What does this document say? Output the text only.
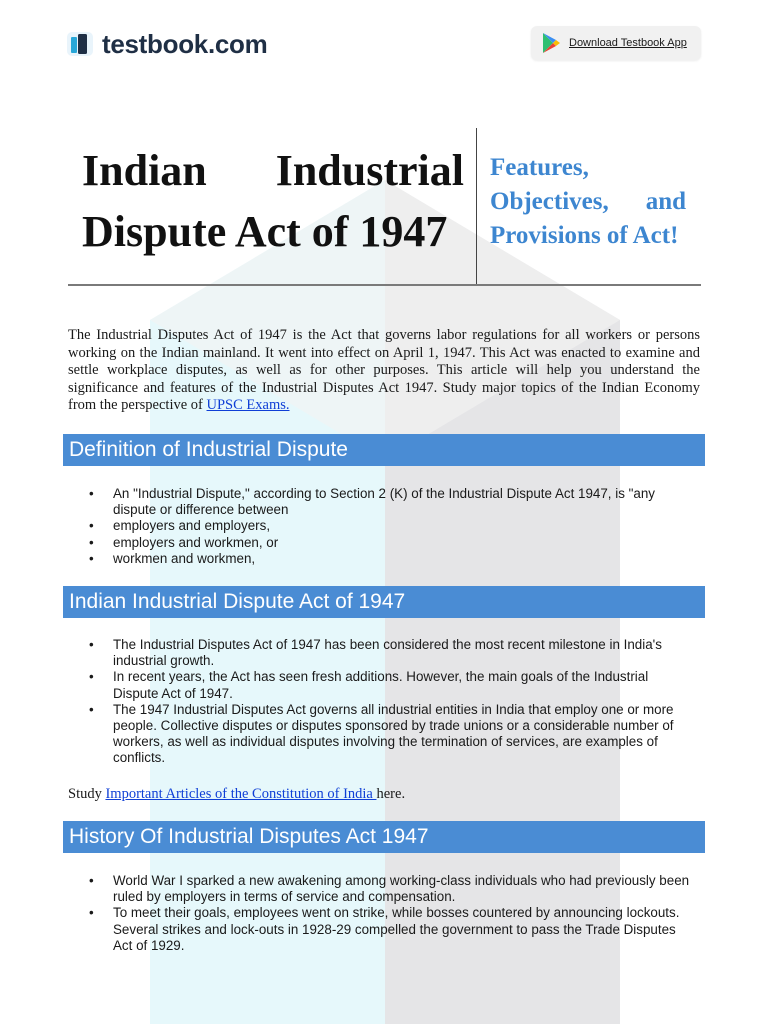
testbook.com	Download Testbook App
Indian Industrial
Dispute Act of 1947
Features,
Objectives, and
Provisions of Act!

The Industrial Disputes Act of 1947 is the Act that governs labor regulations for all workers or persons working on the Indian mainland. It went into effect on April 1, 1947. This Act was enacted to examine and settle workplace disputes, as well as for other purposes. This article will help you understand the significance and features of the Industrial Disputes Act 1947. Study major topics of the Indian Economy from the perspective of UPSC Exams.

Definition of Industrial Dispute
• An "Industrial Dispute," according to Section 2 (K) of the Industrial Dispute Act 1947, is "any dispute or difference between
• employers and employers,
• employers and workmen, or
• workmen and workmen,
Indian Industrial Dispute Act of 1947
• The Industrial Disputes Act of 1947 has been considered the most recent milestone in India's industrial growth.
• In recent years, the Act has seen fresh additions. However, the main goals of the Industrial Dispute Act of 1947.
• The 1947 Industrial Disputes Act governs all industrial entities in India that employ one or more people. Collective disputes or disputes sponsored by trade unions or a considerable number of workers, as well as individual disputes involving the termination of services, are examples of conflicts.

Study Important Articles of the Constitution of India here.

History Of Industrial Disputes Act 1947
• World War I sparked a new awakening among working-class individuals who had previously been ruled by employers in terms of service and compensation.
• To meet their goals, employees went on strike, while bosses countered by announcing lockouts. Several strikes and lock-outs in 1928-29 compelled the government to pass the Trade Disputes Act of 1929.
